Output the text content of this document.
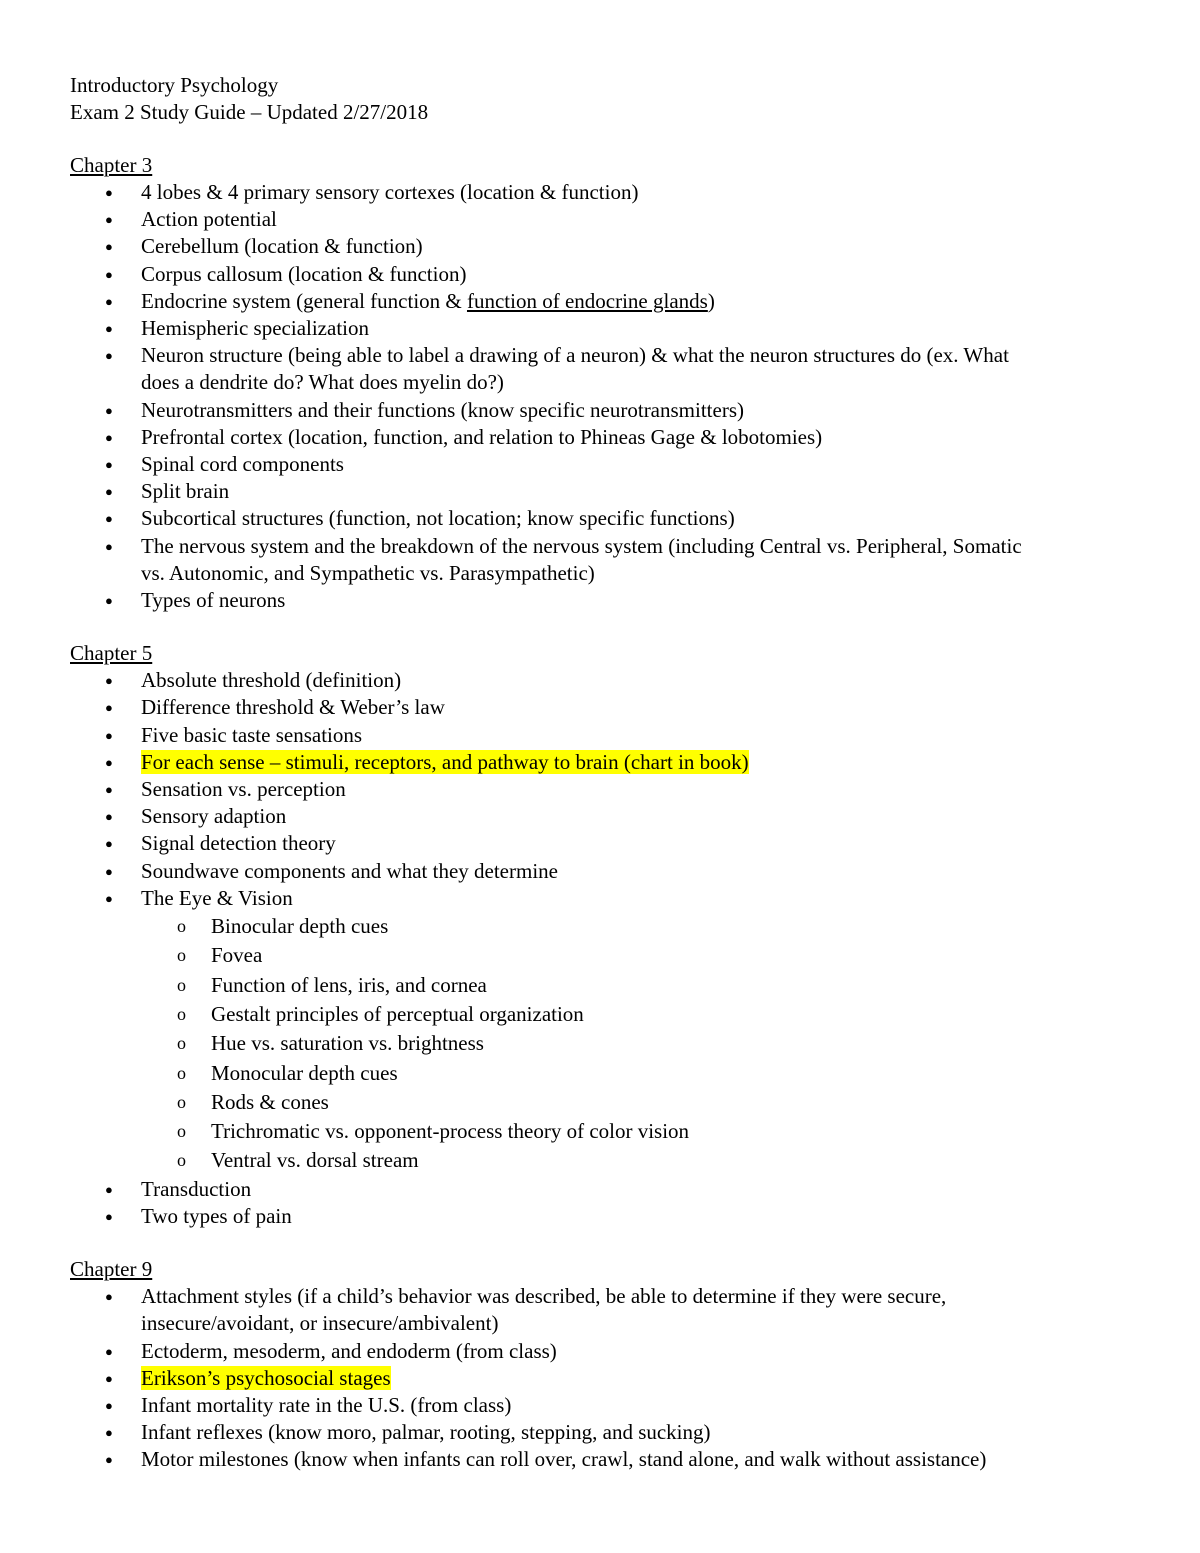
Introductory Psychology

Exam 2 Study Guide – Updated 2/27/2018

Chapter 3

● 4 lobes & 4 primary sensory cortexes (location & function)
● Action potential
● Cerebellum (location & function)
● Corpus callosum (location & function)
● Endocrine system (general function & function of endocrine glands)
● Hemispheric specialization
● Neuron structure (being able to label a drawing of a neuron) & what the neuron structures do (ex. What
does a dendrite do? What does myelin do?)
● Neurotransmitters and their functions (know specific neurotransmitters)
● Prefrontal cortex (location, function, and relation to Phineas Gage & lobotomies)
● Spinal cord components
● Split brain
● Subcortical structures (function, not location; know specific functions)
● The nervous system and the breakdown of the nervous system (including Central vs. Peripheral, Somatic
vs. Autonomic, and Sympathetic vs. Parasympathetic)
● Types of neurons

Chapter 5

● Absolute threshold (definition)
● Difference threshold & Weber’s law
● Five basic taste sensations
● For each sense – stimuli, receptors, and pathway to brain (chart in book)
● Sensation vs. perception
● Sensory adaption
● Signal detection theory
● Soundwave components and what they determine
● The Eye & Vision
o Binocular depth cues
o Fovea
o Function of lens, iris, and cornea
o Gestalt principles of perceptual organization
o Hue vs. saturation vs. brightness
o Monocular depth cues
o Rods & cones
o Trichromatic vs. opponent-process theory of color vision
o Ventral vs. dorsal stream
● Transduction
● Two types of pain

Chapter 9

● Attachment styles (if a child’s behavior was described, be able to determine if they were secure,
insecure/avoidant, or insecure/ambivalent)
● Ectoderm, mesoderm, and endoderm (from class)
● Erikson’s psychosocial stages
● Infant mortality rate in the U.S. (from class)
● Infant reflexes (know moro, palmar, rooting, stepping, and sucking)
● Motor milestones (know when infants can roll over, crawl, stand alone, and walk without assistance)
